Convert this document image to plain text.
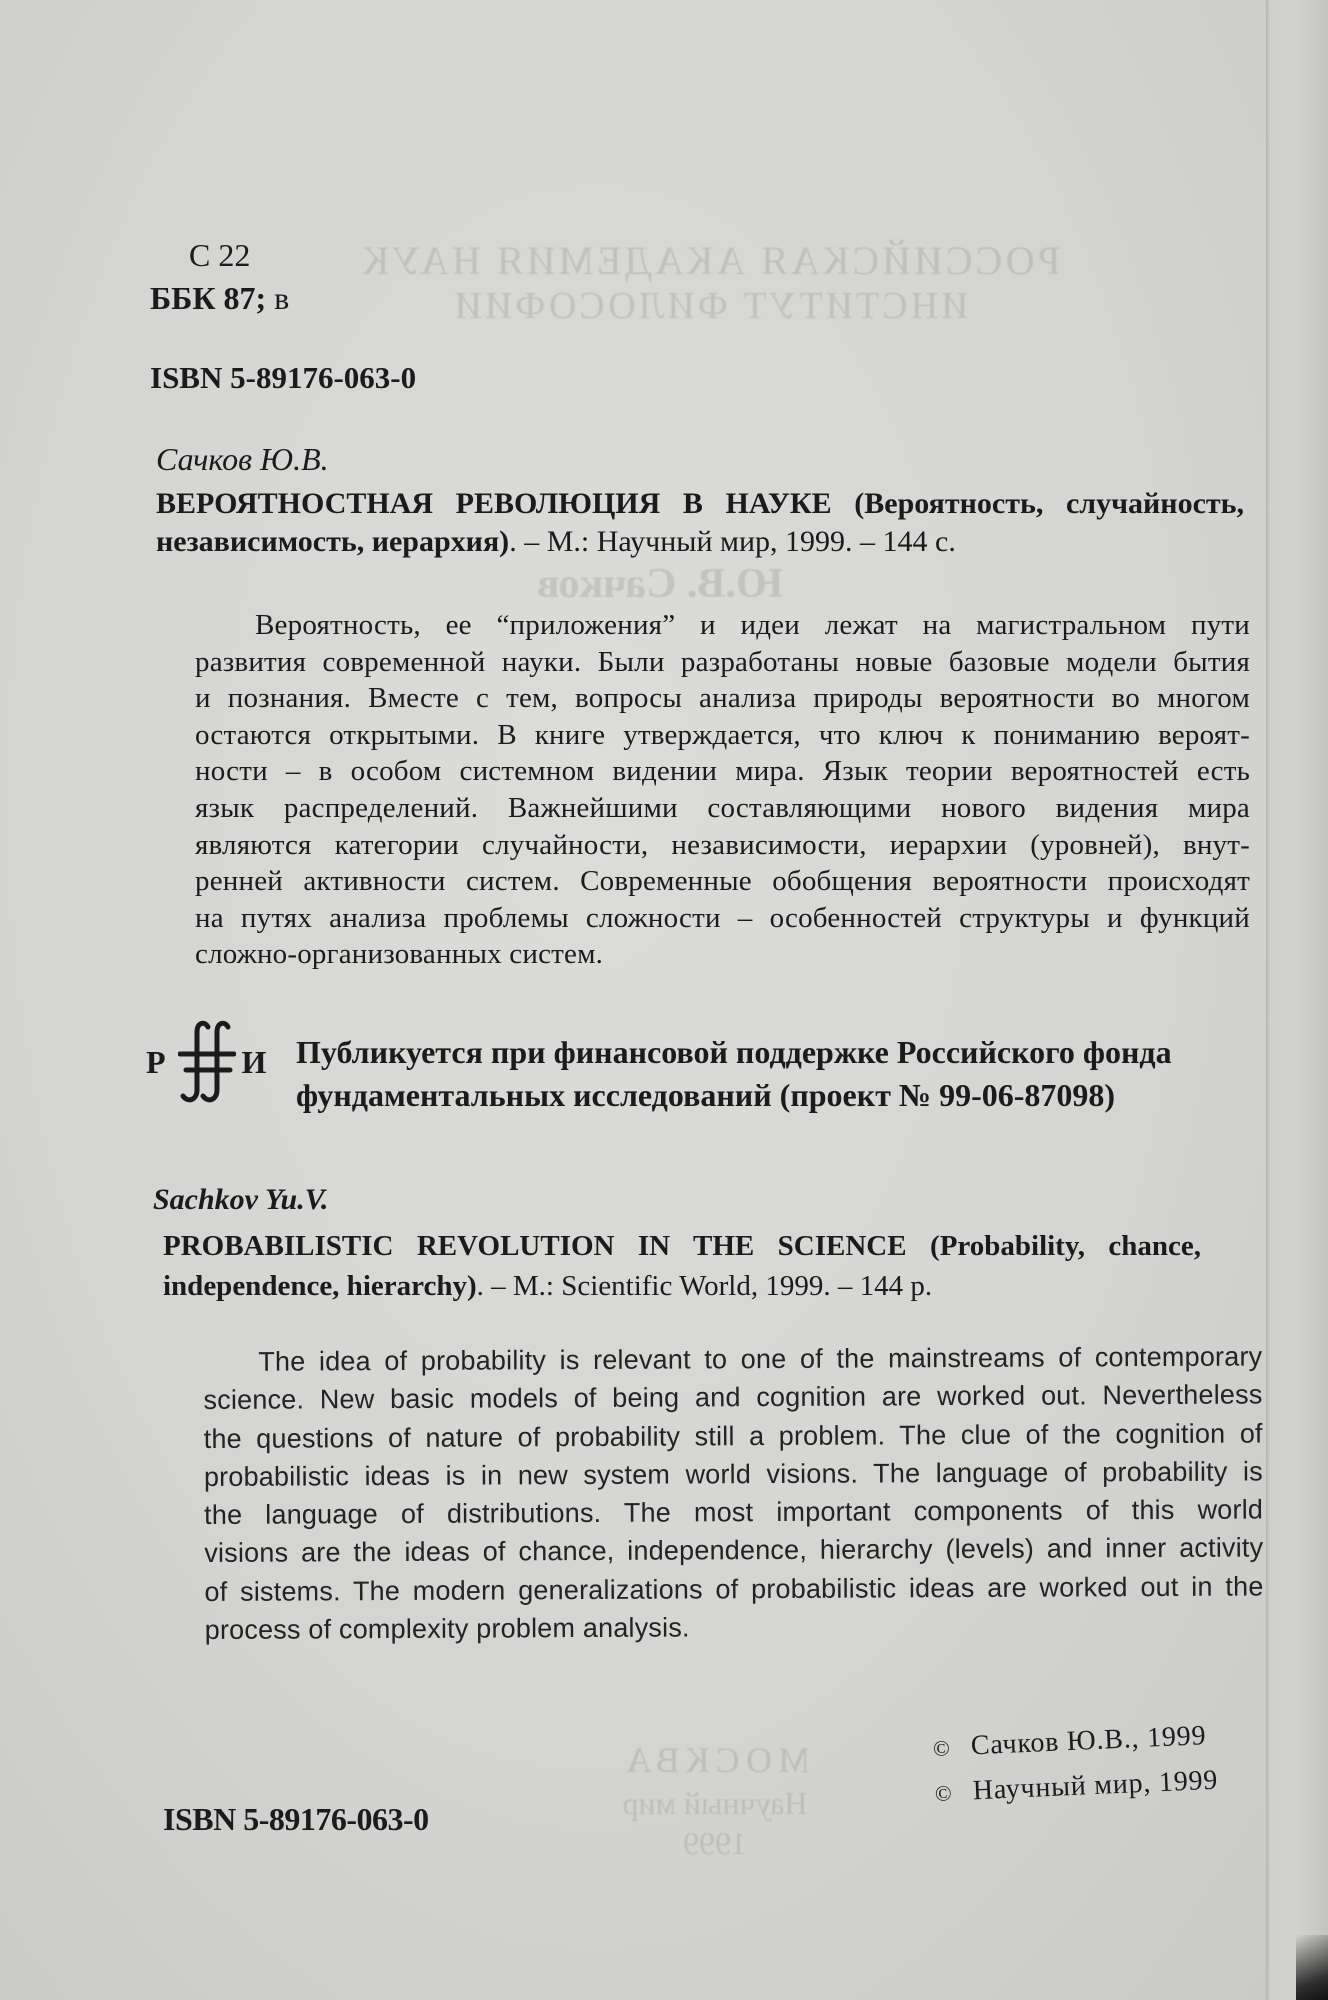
РОССИЙСКАЯ АКАДЕМИЯ НАУК
ИНСТИТУТ ФИЛОСОФИИ
Ю.В. Сачков
МОСКВА
Научный мир
1999
С 22
ББК 87; в
ISBN 5-89176-063-0
Сачков Ю.В.
ВЕРОЯТНОСТНАЯ РЕВОЛЮЦИЯ В НАУКЕ (Вероятность, случайность,
независимость, иерархия). – М.: Научный мир, 1999. – 144 с.
Вероятность, ее “приложения” и идеи лежат на магистральном пути
развития современной науки. Были разработаны новые базовые модели бытия
и познания. Вместе с тем, вопросы анализа природы вероятности во многом
остаются открытыми. В книге утверждается, что ключ к пониманию вероят-
ности – в особом системном видении мира. Язык теории вероятностей есть
язык распределений. Важнейшими составляющими нового видения мира
являются категории случайности, независимости, иерархии (уровней), внут-
ренней активности систем. Современные обобщения вероятности происходят
на путях анализа проблемы сложности – особенностей структуры и функций
сложно-организованных систем.
Р И Публикуется при финансовой поддержке Российского фонда
фундаментальных исследований (проект № 99-06-87098)
Sachkov Yu.V.
PROBABILISTIC REVOLUTION IN THE SCIENCE (Probability, chance,
independence, hierarchy). – M.: Scientific World, 1999. – 144 p.
The idea of probability is relevant to one of the mainstreams of contemporary
science. New basic models of being and cognition are worked out. Nevertheless
the questions of nature of probability still a problem. The clue of the cognition of
probabilistic ideas is in new system world visions. The language of probability is
the language of distributions. The most important components of this world
visions are the ideas of chance, independence, hierarchy (levels) and inner activity
of sistems. The modern generalizations of probabilistic ideas are worked out in the
process of complexity problem analysis.
© Сачков Ю.В., 1999
© Научный мир, 1999
ISBN 5-89176-063-0
